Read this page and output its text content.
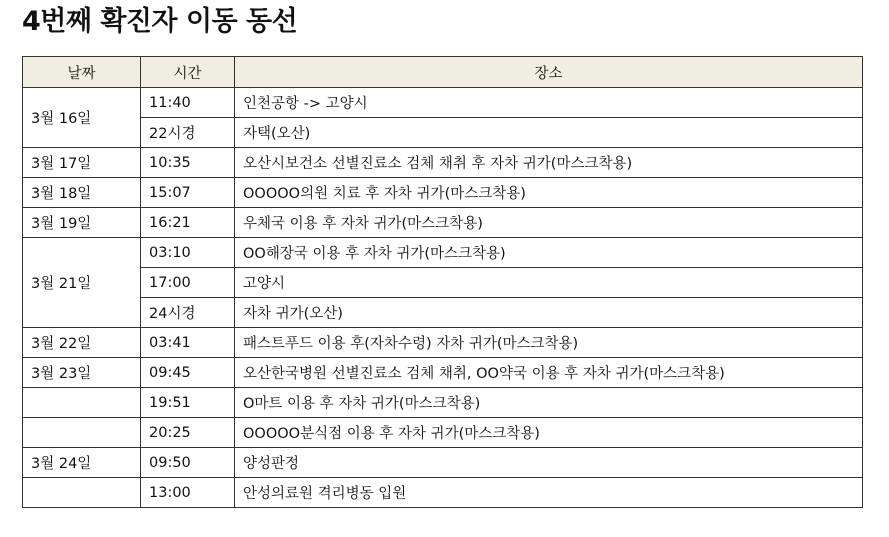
4번째 확진자 이동 동선
날짜	시간	장소
3월 16일	11:40	인천공항 -> 고양시
	22시경	자택(오산)
3월 17일	10:35	오산시보건소 선별진료소 검체 채취 후 자차 귀가(마스크착용)
3월 18일	15:07	OOOOO의원 치료 후 자차 귀가(마스크착용)
3월 19일	16:21	우체국 이용 후 자차 귀가(마스크착용)
3월 21일	03:10	OO해장국 이용 후 자차 귀가(마스크착용)
	17:00	고양시
	24시경	자차 귀가(오산)
3월 22일	03:41	패스트푸드 이용 후(자차수령) 자차 귀가(마스크착용)
3월 23일	09:45	오산한국병원 선별진료소 검체 채취, OO약국 이용 후 자차 귀가(마스크착용)
	19:51	O마트 이용 후 자차 귀가(마스크착용)
	20:25	OOOOO분식점 이용 후 자차 귀가(마스크착용)
3월 24일	09:50	양성판정
	13:00	안성의료원 격리병동 입원
